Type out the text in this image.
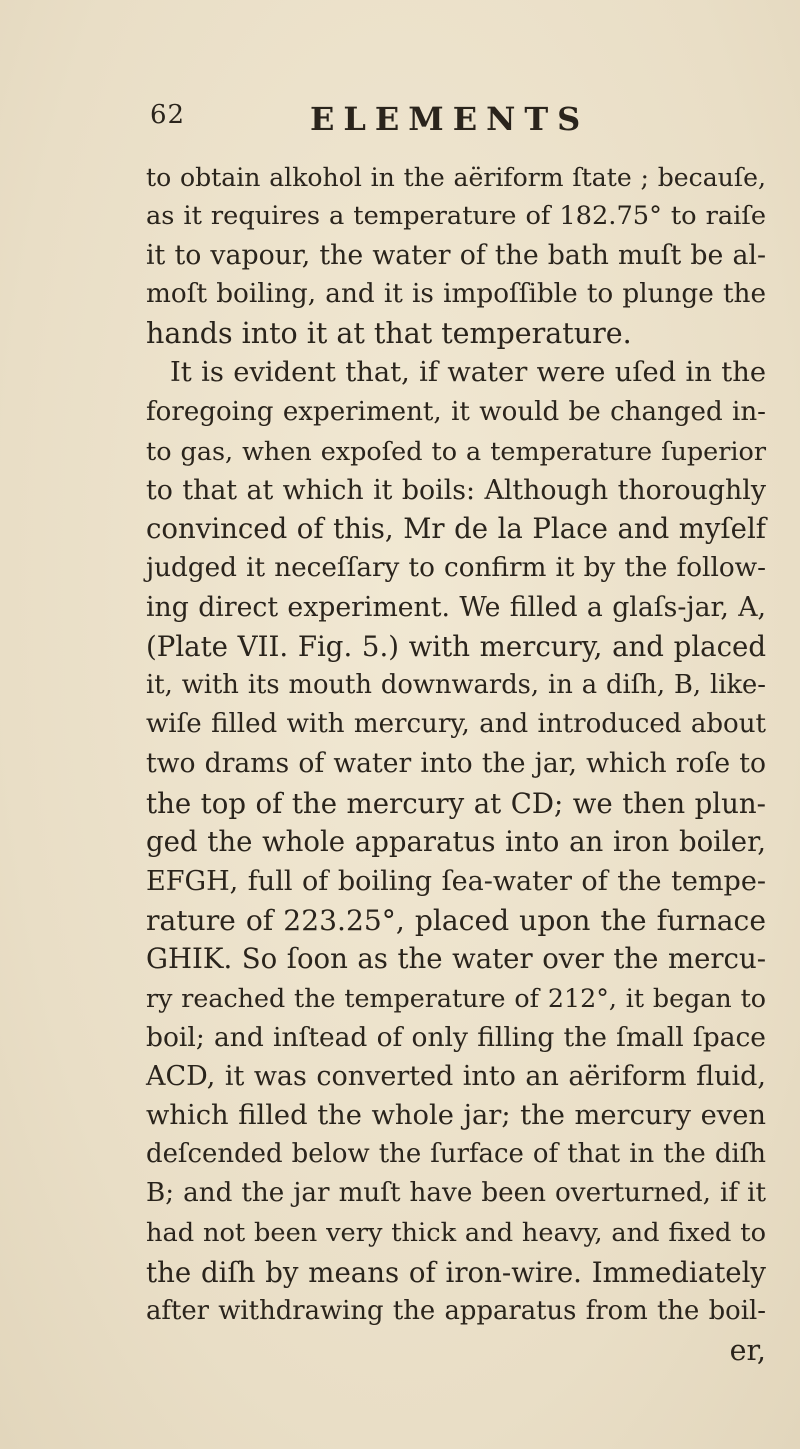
62	ELEMENTS
to obtain alkohol in the aëriform ſtate ; becauſe,
as it requires a temperature of 182.75° to raiſe
it to vapour, the water of the bath muſt be al-
moſt boiling, and it is impoſſible to plunge the
hands into it at that temperature.
It is evident that, if water were uſed in the
foregoing experiment, it would be changed in-
to gas, when expoſed to a temperature ſuperior
to that at which it boils: Although thoroughly
convinced of this, Mr de la Place and myſelf
judged it neceſſary to confirm it by the follow-
ing direct experiment. We filled a glaſs-jar, A,
(Plate VII. Fig. 5.) with mercury, and placed
it, with its mouth downwards, in a diſh, B, like-
wiſe filled with mercury, and introduced about
two drams of water into the jar, which roſe to
the top of the mercury at CD; we then plun-
ged the whole apparatus into an iron boiler,
EFGH, full of boiling ſea-water of the tempe-
rature of 223.25°, placed upon the furnace
GHIK. So ſoon as the water over the mercu-
ry reached the temperature of 212°, it began to
boil; and inſtead of only filling the ſmall ſpace
ACD, it was converted into an aëriform fluid,
which filled the whole jar; the mercury even
deſcended below the ſurface of that in the diſh
B; and the jar muſt have been overturned, if it
had not been very thick and heavy, and fixed to
the diſh by means of iron-wire. Immediately
after withdrawing the apparatus from the boil-
er,
